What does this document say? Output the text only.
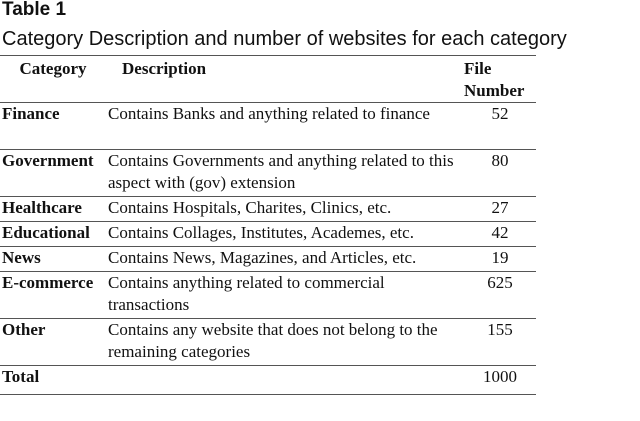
Table 1
Category Description and number of websites for each category
Category	Description	File
Number
Finance	Contains Banks and anything related to finance	52
Government	Contains Governments and anything related to this aspect with (gov) extension	80
Healthcare	Contains Hospitals, Charites, Clinics, etc.	27
Educational	Contains Collages, Institutes, Academes, etc.	42
News	Contains News, Magazines, and Articles, etc.	19
E-commerce	Contains anything related to commercial transactions	625
Other	Contains any website that does not belong to the remaining categories	155
Total		1000
